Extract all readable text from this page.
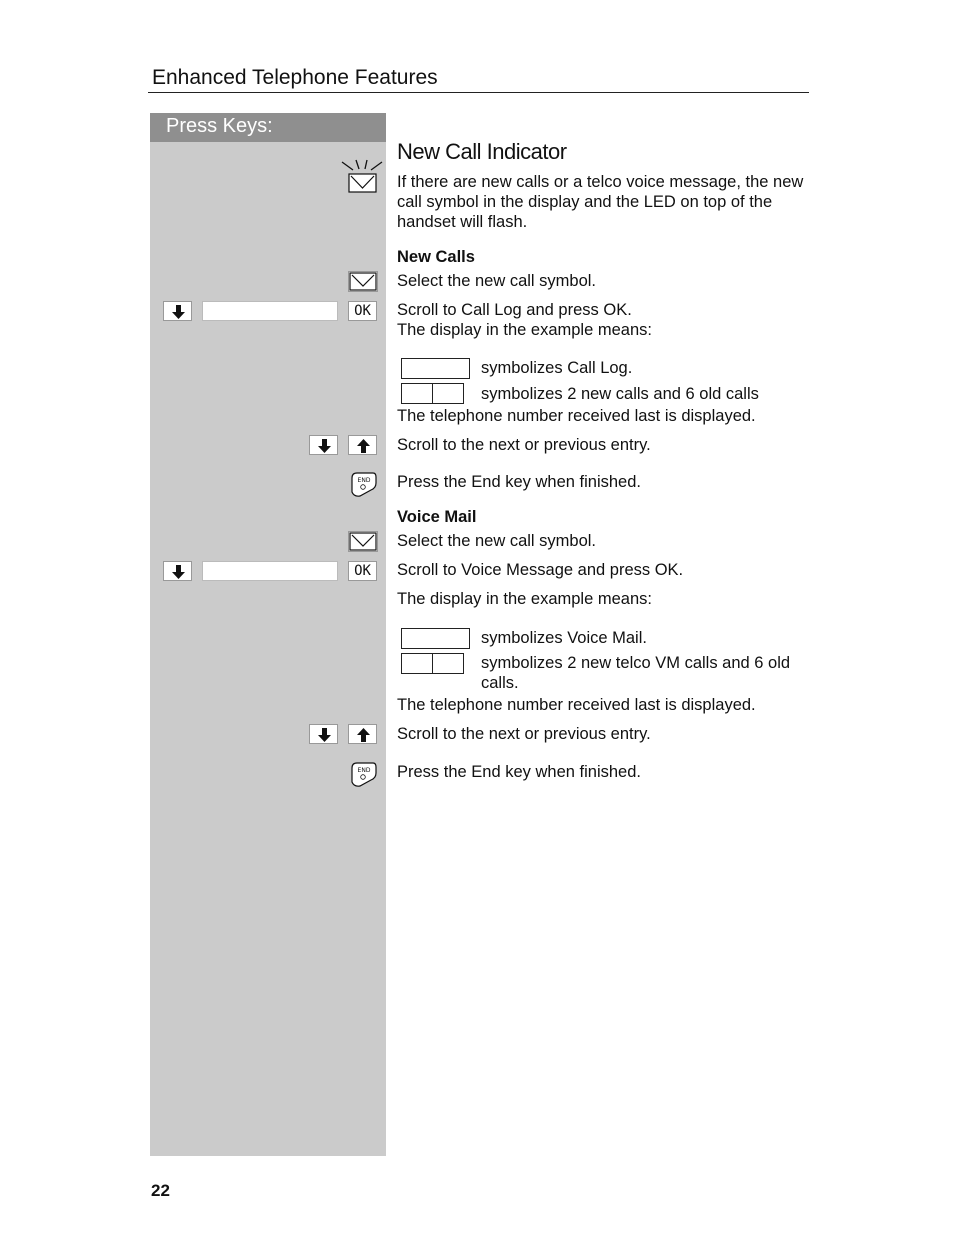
Enhanced Telephone Features
Press Keys:
New Call Indicator
If there are new calls or a telco voice message, the new call symbol in the display and the LED on top of the handset will flash.
New Calls
Select the new call symbol.
OK	Scroll to Call Log and press OK.
The display in the example means:
symbolizes Call Log.
symbolizes 2 new calls and 6 old calls
The telephone number received last is displayed.
Scroll to the next or previous entry.
END Press the End key when finished.
Voice Mail
Select the new call symbol.
OK	Scroll to Voice Message and press OK.
The display in the example means:
symbolizes Voice Mail.
symbolizes 2 new telco VM calls and 6 old calls.
The telephone number received last is displayed.
Scroll to the next or previous entry.
END Press the End key when finished.
22
